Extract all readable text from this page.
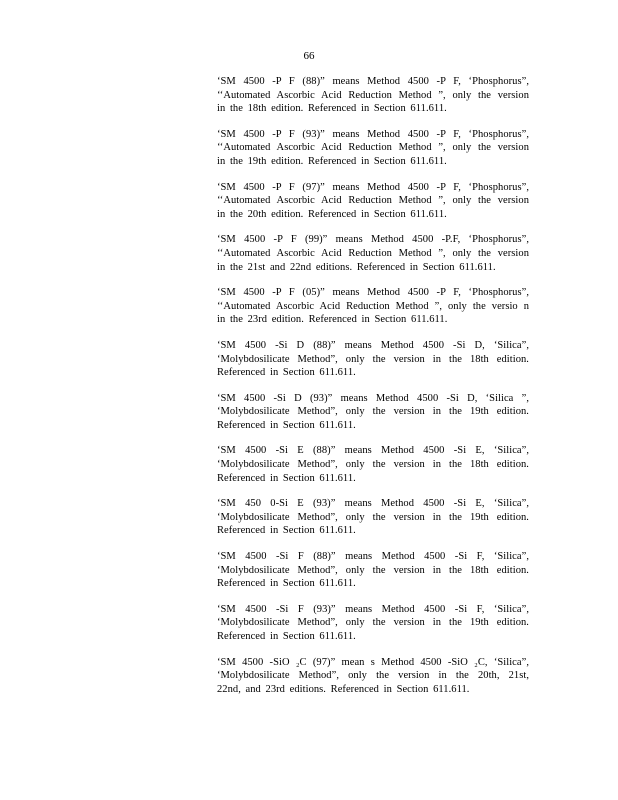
66

‘SM 4500 -P F (88)” means Method 4500 -P F, ‘Phosphorus”,
‘‘Automated Ascorbic Acid Reduction Method ”, only the version
in the 18th edition. Referenced in Section 611.611.

‘SM 4500 -P F (93)” means Method 4500 -P F, ‘Phosphorus”,
‘‘Automated Ascorbic Acid Reduction Method ”, only the version
in the 19th edition. Referenced in Section 611.611.

‘SM 4500 -P F (97)” means Method 4500 -P F, ‘Phosphorus”,
‘‘Automated Ascorbic Acid Reduction Method ”, only the version
in the 20th edition. Referenced in Section 611.611.

‘SM 4500 -P F (99)” means Method 4500 -P.F, ‘Phosphorus”,
‘‘Automated Ascorbic Acid Reduction Method ”, only the version
in the 21st and 22nd editions. Referenced in Section 611.611.

‘SM 4500 -P F (05)” means Method 4500 -P F, ‘Phosphorus”,
‘‘Automated Ascorbic Acid Reduction Method ”, only the versio n
in the 23rd edition. Referenced in Section 611.611.

‘SM 4500 -Si D (88)” means Method 4500 -Si D, ‘Silica”,
‘Molybdosilicate Method”, only the version in the 18th edition.
Referenced in Section 611.611.

‘SM 4500 -Si D (93)” means Method 4500 -Si D, ‘Silica ”,
‘Molybdosilicate Method”, only the version in the 19th edition.
Referenced in Section 611.611.

‘SM 4500 -Si E (88)” means Method 4500 -Si E, ‘Silica”,
‘Molybdosilicate Method”, only the version in the 18th edition.
Referenced in Section 611.611.

‘SM 450 0-Si E (93)” means Method 4500 -Si E, ‘Silica”,
‘Molybdosilicate Method”, only the version in the 19th edition.
Referenced in Section 611.611.

‘SM 4500 -Si F (88)” means Method 4500 -Si F, ‘Silica”,
‘Molybdosilicate Method”, only the version in the 18th edition.
Referenced in Section 611.611.

‘SM 4500 -Si F (93)” means Method 4500 -Si F, ‘Silica”,
‘Molybdosilicate Method”, only the version in the 19th edition.
Referenced in Section 611.611.

‘SM 4500 -SiO ₂C (97)” mean s Method 4500 -SiO ₂C, ‘Silica”,
‘Molybdosilicate Method”, only the version in the 20th, 21st,
22nd, and 23rd editions. Referenced in Section 611.611.
